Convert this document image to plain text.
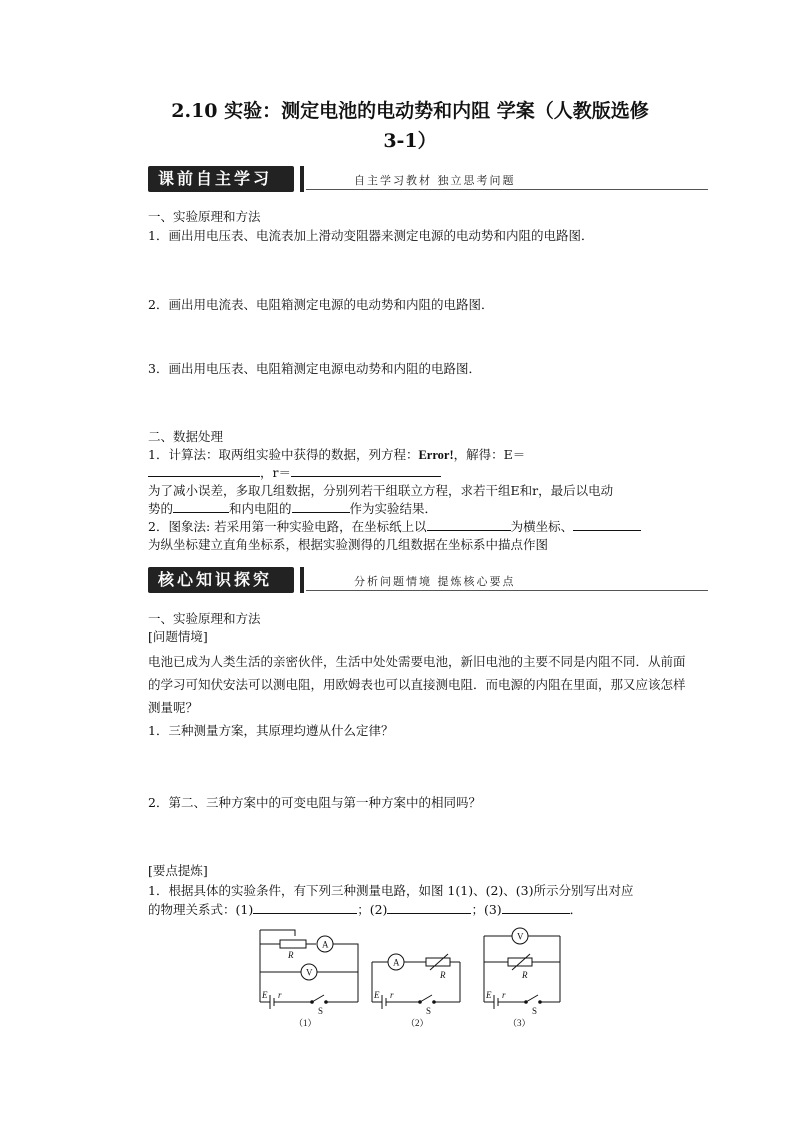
2.10 实验：测定电池的电动势和内阻 学案（人教版选修
3-1）
课前自主学习	自主学习教材 独立思考问题
一、实验原理和方法
1．画出用电压表、电流表加上滑动变阻器来测定电源的电动势和内阻的电路图．
2．画出用电流表、电阻箱测定电源的电动势和内阻的电路图．
3．画出用电压表、电阻箱测定电源电动势和内阻的电路图．
二、数据处理
1．计算法：取两组实验中获得的数据，列方程：Error!，解得：E＝
，r＝
为了减小误差，多取几组数据，分别列若干组联立方程，求若干组E和r，最后以电动
势的	和内电阻的	作为实验结果．
2．图象法: 若采用第一种实验电路，在坐标纸上以	为横坐标、
为纵坐标建立直角坐标系，根据实验测得的几组数据在坐标系中描点作图
核心知识探究	分析问题情境 提炼核心要点
一、实验原理和方法
[问题情境]
电池已成为人类生活的亲密伙伴，生活中处处需要电池，新旧电池的主要不同是内阻不同．从前面的学习可知伏安法可以测电阻，用欧姆表也可以直接测电阻．而电源的内阻在里面，那又应该怎样测量呢？
1．三种测量方案，其原理均遵从什么定律？
2．第二、三种方案中的可变电阻与第一种方案中的相同吗？
[要点提炼]
1．根据具体的实验条件，有下列三种测量电路，如图 1(1)、(2)、(3)所示分别写出对应
的物理关系式：(1)	；(2)	；(3)	．
A
V
R
E r
S
（1）
A
R
E r
S
（2）
V
R
E r
S
（3）
